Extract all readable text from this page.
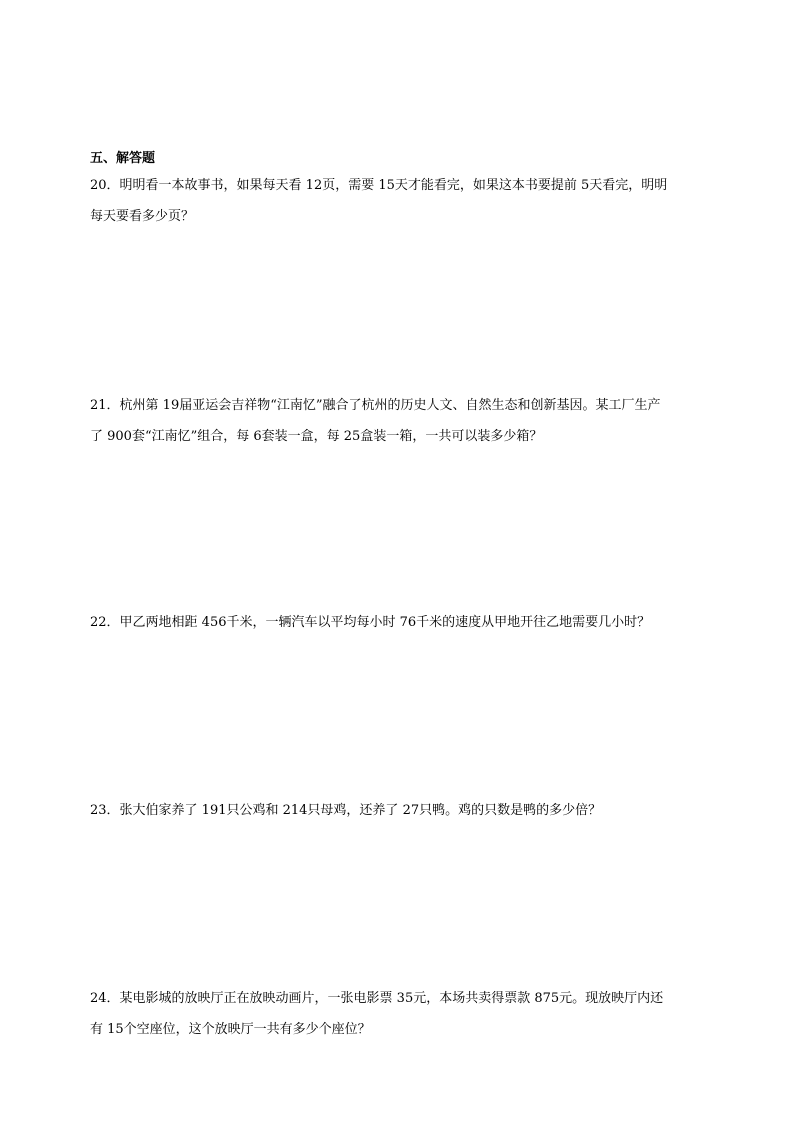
五、解答题
20．明明看一本故事书，如果每天看 12页，需要 15天才能看完，如果这本书要提前 5天看完，明明
每天要看多少页？
21．杭州第 19届亚运会吉祥物“江南忆”融合了杭州的历史人文、自然生态和创新基因。某工厂生产
了 900套“江南忆”组合，每 6套装一盒，每 25盒装一箱，一共可以装多少箱？
22．甲乙两地相距 456千米，一辆汽车以平均每小时 76千米的速度从甲地开往乙地需要几小时？
23．张大伯家养了 191只公鸡和 214只母鸡，还养了 27只鸭。鸡的只数是鸭的多少倍？
24．某电影城的放映厅正在放映动画片，一张电影票 35元，本场共卖得票款 875元。现放映厅内还
有 15个空座位，这个放映厅一共有多少个座位？
